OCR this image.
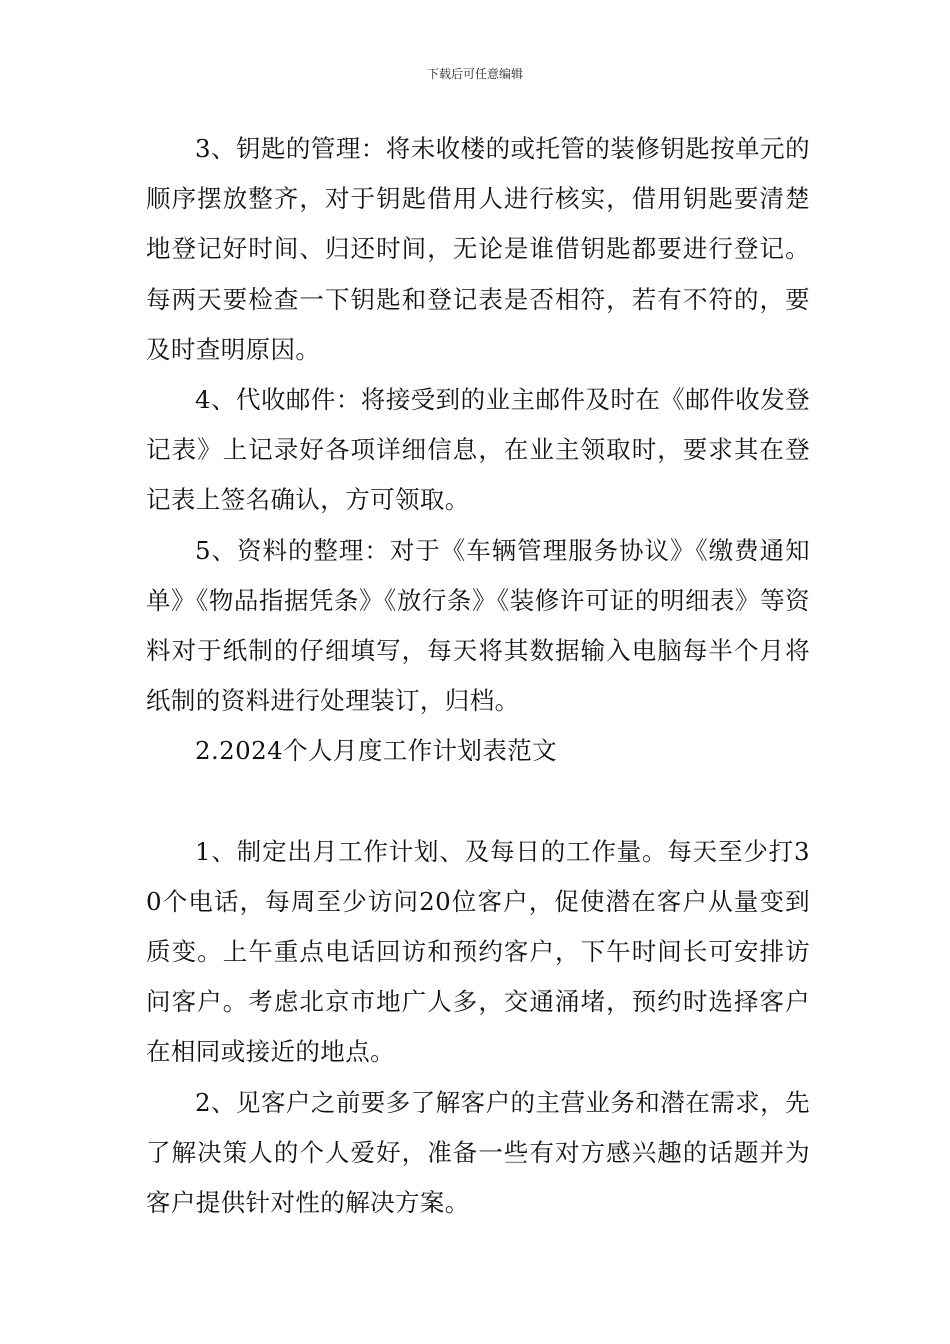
下载后可任意编辑

3、钥匙的管理：将未收楼的或托管的装修钥匙按单元的顺序摆放整齐，对于钥匙借用人进行核实，借用钥匙要清楚地登记好时间、归还时间，无论是谁借钥匙都要进行登记。每两天要检查一下钥匙和登记表是否相符，若有不符的，要及时查明原因。

4、代收邮件：将接受到的业主邮件及时在《邮件收发登记表》上记录好各项详细信息，在业主领取时，要求其在登记表上签名确认，方可领取。

5、资料的整理：对于《车辆管理服务协议》《缴费通知单》《物品指据凭条》《放行条》《装修许可证的明细表》等资料对于纸制的仔细填写，每天将其数据输入电脑每半个月将纸制的资料进行处理装订，归档。

2.2024个人月度工作计划表范文

1、制定出月工作计划、及每日的工作量。每天至少打30个电话，每周至少访问20位客户，促使潜在客户从量变到质变。上午重点电话回访和预约客户，下午时间长可安排访问客户。考虑北京市地广人多，交通涌堵，预约时选择客户在相同或接近的地点。

2、见客户之前要多了解客户的主营业务和潜在需求，先了解决策人的个人爱好，准备一些有对方感兴趣的话题并为客户提供针对性的解决方案。
